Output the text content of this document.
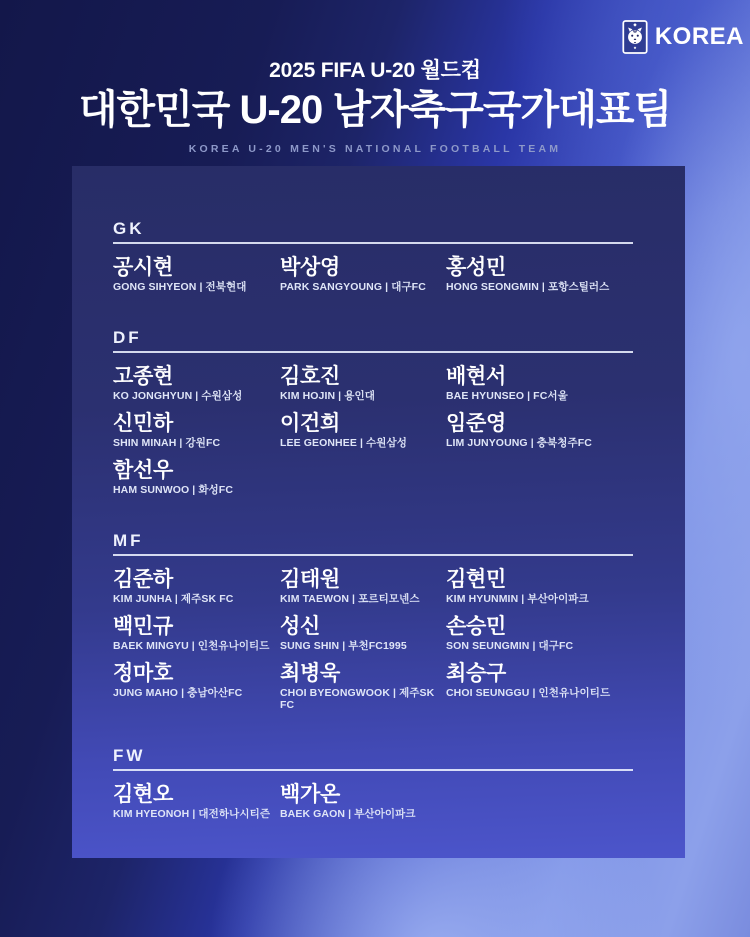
KOREA
2025 FIFA U-20 월드컵
대한민국 U-20 남자축구국가대표팀
KOREA U-20 MEN'S NATIONAL FOOTBALL TEAM
GK
공시현
GONG SIHYEON | 전북현대
박상영
PARK SANGYOUNG | 대구FC
홍성민
HONG SEONGMIN | 포항스틸러스
DF
고종현
KO JONGHYUN | 수원삼성
김호진
KIM HOJIN | 용인대
배현서
BAE HYUNSEO | FC서울
신민하
SHIN MINAH | 강원FC
이건희
LEE GEONHEE | 수원삼성
임준영
LIM JUNYOUNG | 충북청주FC
함선우
HAM SUNWOO | 화성FC
MF
김준하
KIM JUNHA | 제주SK FC
김태원
KIM TAEWON | 포르티모넨스
김현민
KIM HYUNMIN | 부산아이파크
백민규
BAEK MINGYU | 인천유나이티드
성신
SUNG SHIN | 부천FC1995
손승민
SON SEUNGMIN | 대구FC
정마호
JUNG MAHO | 충남아산FC
최병욱
CHOI BYEONGWOOK | 제주SK FC
최승구
CHOI SEUNGGU | 인천유나이티드
FW
김현오
KIM HYEONOH | 대전하나시티즌
백가온
BAEK GAON | 부산아이파크
